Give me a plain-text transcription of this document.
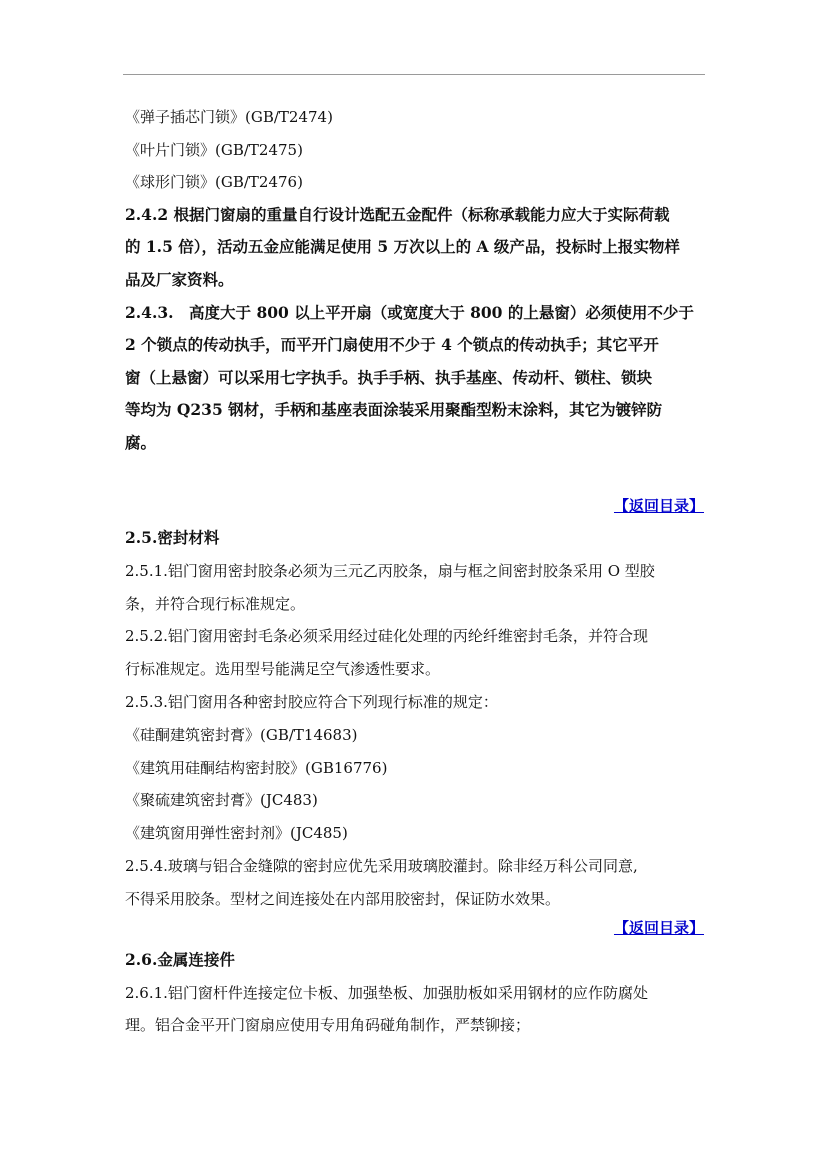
《弹子插芯门锁》(GB/T2474)
《叶片门锁》(GB/T2475)
《球形门锁》(GB/T2476)
2.4.2 根据门窗扇的重量自行设计选配五金配件（标称承载能力应大于实际荷载
的 1.5 倍），活动五金应能满足使用 5 万次以上的 A 级产品，投标时上报实物样
品及厂家资料。
2.4.3.　高度大于 800 以上平开扇（或宽度大于 800 的上悬窗）必须使用不少于
2 个锁点的传动执手，而平开门扇使用不少于 4 个锁点的传动执手；其它平开
窗（上悬窗）可以采用七字执手。执手手柄、执手基座、传动杆、锁柱、锁块
等均为 Q235 钢材，手柄和基座表面涂装采用聚酯型粉末涂料，其它为镀锌防
腐。
【返回目录】
2.5.密封材料
2.5.1.铝门窗用密封胶条必须为三元乙丙胶条，扇与框之间密封胶条采用 O 型胶
条，并符合现行标准规定。
2.5.2.铝门窗用密封毛条必须采用经过硅化处理的丙纶纤维密封毛条，并符合现
行标准规定。选用型号能满足空气渗透性要求。
2.5.3.铝门窗用各种密封胶应符合下列现行标准的规定：
《硅酮建筑密封膏》(GB/T14683)
《建筑用硅酮结构密封胶》(GB16776)
《聚硫建筑密封膏》(JC483)
《建筑窗用弹性密封剂》(JC485)
2.5.4.玻璃与铝合金缝隙的密封应优先采用玻璃胶灌封。除非经万科公司同意,
不得采用胶条。型材之间连接处在内部用胶密封，保证防水效果。
【返回目录】
2.6.金属连接件
2.6.1.铝门窗杆件连接定位卡板、加强垫板、加强肋板如采用钢材的应作防腐处
理。铝合金平开门窗扇应使用专用角码碰角制作，严禁铆接；
